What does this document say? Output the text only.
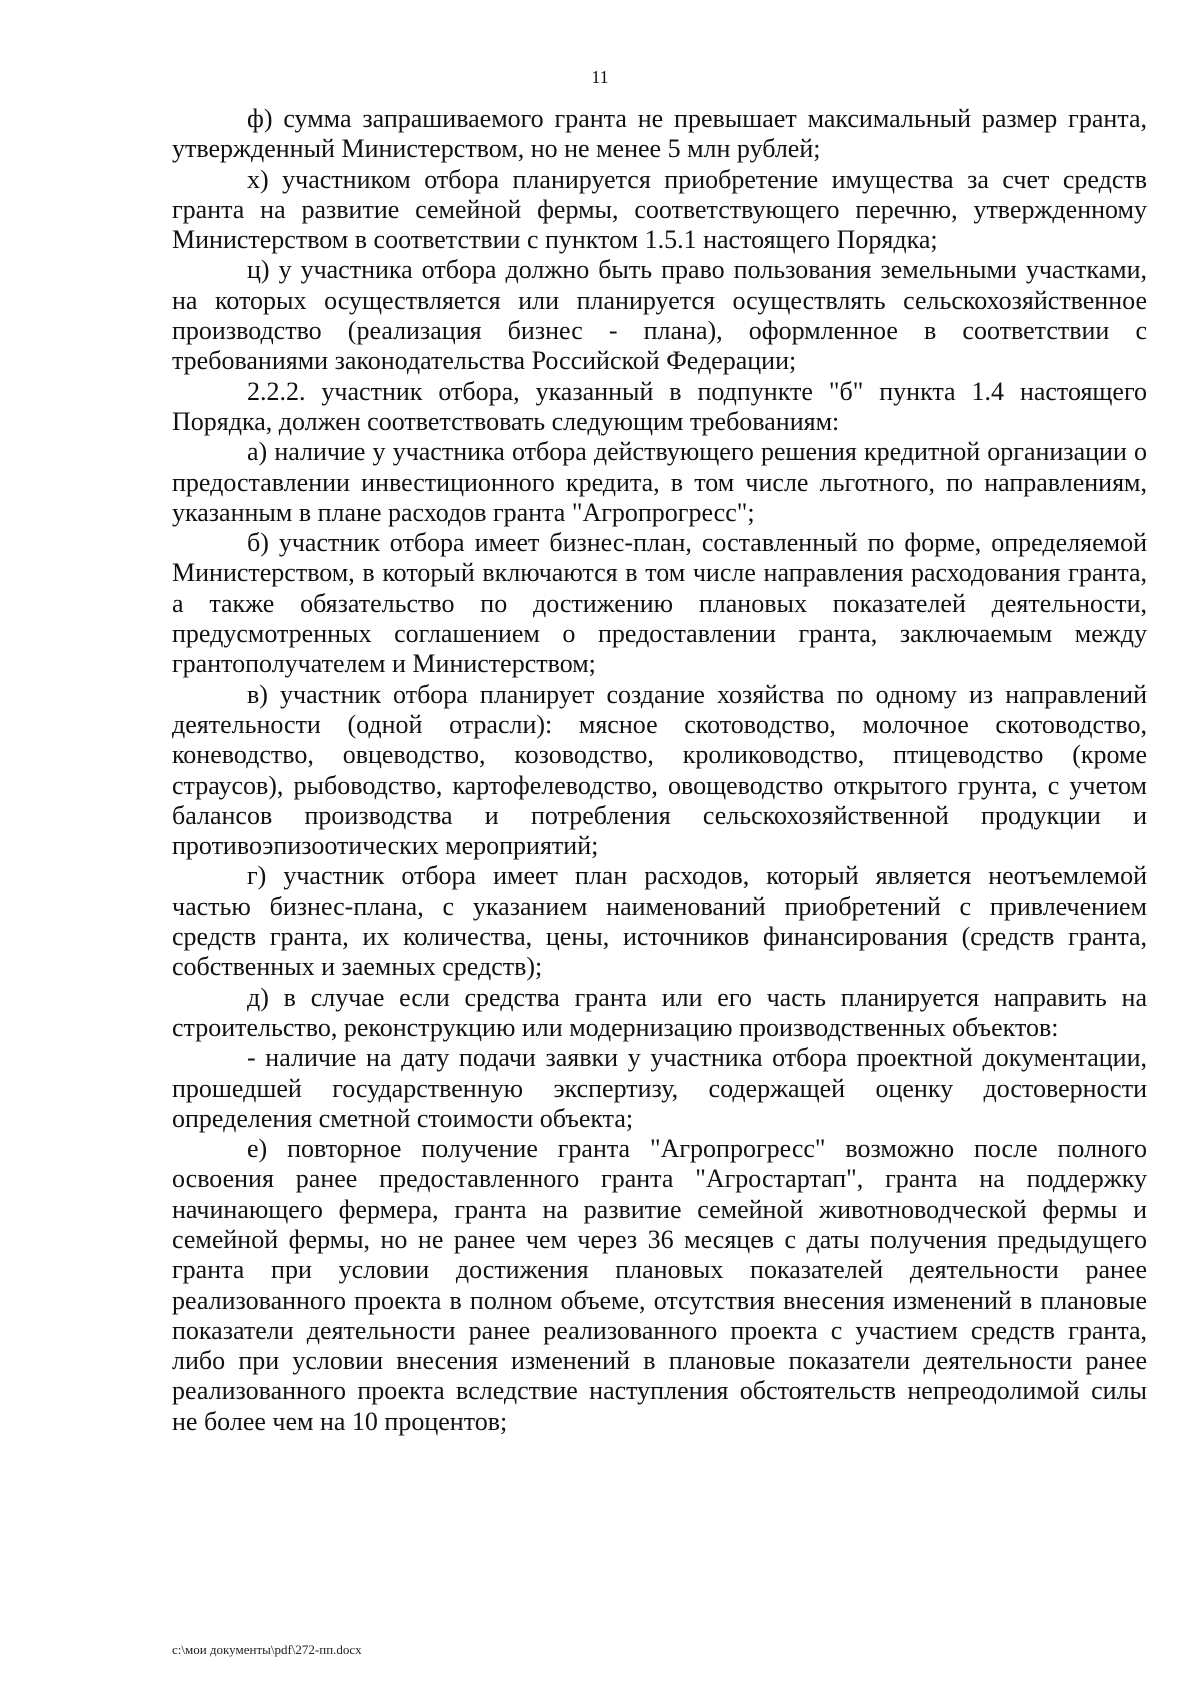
11

ф) сумма запрашиваемого гранта не превышает максимальный размер гранта, утвержденный Министерством, но не менее 5 млн рублей;

х) участником отбора планируется приобретение имущества за счет средств гранта на развитие семейной фермы, соответствующего перечню, утвержденному Министерством в соответствии с пунктом 1.5.1 настоящего Порядка;

ц) у участника отбора должно быть право пользования земельными участками, на которых осуществляется или планируется осуществлять сельскохозяйственное производство (реализация бизнес - плана), оформленное в соответствии с требованиями законодательства Российской Федерации;

2.2.2. участник отбора, указанный в подпункте "б" пункта 1.4 настоящего Порядка, должен соответствовать следующим требованиям:

а) наличие у участника отбора действующего решения кредитной организации о предоставлении инвестиционного кредита, в том числе льготного, по направлениям, указанным в плане расходов гранта "Агропрогресс";

б) участник отбора имеет бизнес-план, составленный по форме, определяемой Министерством, в который включаются в том числе направления расходования гранта, а также обязательство по достижению плановых показателей деятельности, предусмотренных соглашением о предоставлении гранта, заключаемым между грантополучателем и Министерством;

в) участник отбора планирует создание хозяйства по одному из направлений деятельности (одной отрасли): мясное скотоводство, молочное скотоводство, коневодство, овцеводство, козоводство, кролиководство, птицеводство (кроме страусов), рыбоводство, картофелеводство, овощеводство открытого грунта, с учетом балансов производства и потребления сельскохозяйственной продукции и противоэпизоотических мероприятий;

г) участник отбора имеет план расходов, который является неотъемлемой частью бизнес-плана, с указанием наименований приобретений с привлечением средств гранта, их количества, цены, источников финансирования (средств гранта, собственных и заемных средств);

д) в случае если средства гранта или его часть планируется направить на строительство, реконструкцию или модернизацию производственных объектов:

- наличие на дату подачи заявки у участника отбора проектной документации, прошедшей государственную экспертизу, содержащей оценку достоверности определения сметной стоимости объекта;

е) повторное получение гранта "Агропрогресс" возможно после полного освоения ранее предоставленного гранта "Агростартап", гранта на поддержку начинающего фермера, гранта на развитие семейной животноводческой фермы и семейной фермы, но не ранее чем через 36 месяцев с даты получения предыдущего гранта при условии достижения плановых показателей деятельности ранее реализованного проекта в полном объеме, отсутствия внесения изменений в плановые показатели деятельности ранее реализованного проекта с участием средств гранта, либо при условии внесения изменений в плановые показатели деятельности ранее реализованного проекта вследствие наступления обстоятельств непреодолимой силы не более чем на 10 процентов;

c:\мои документы\pdf\272-пп.docx
